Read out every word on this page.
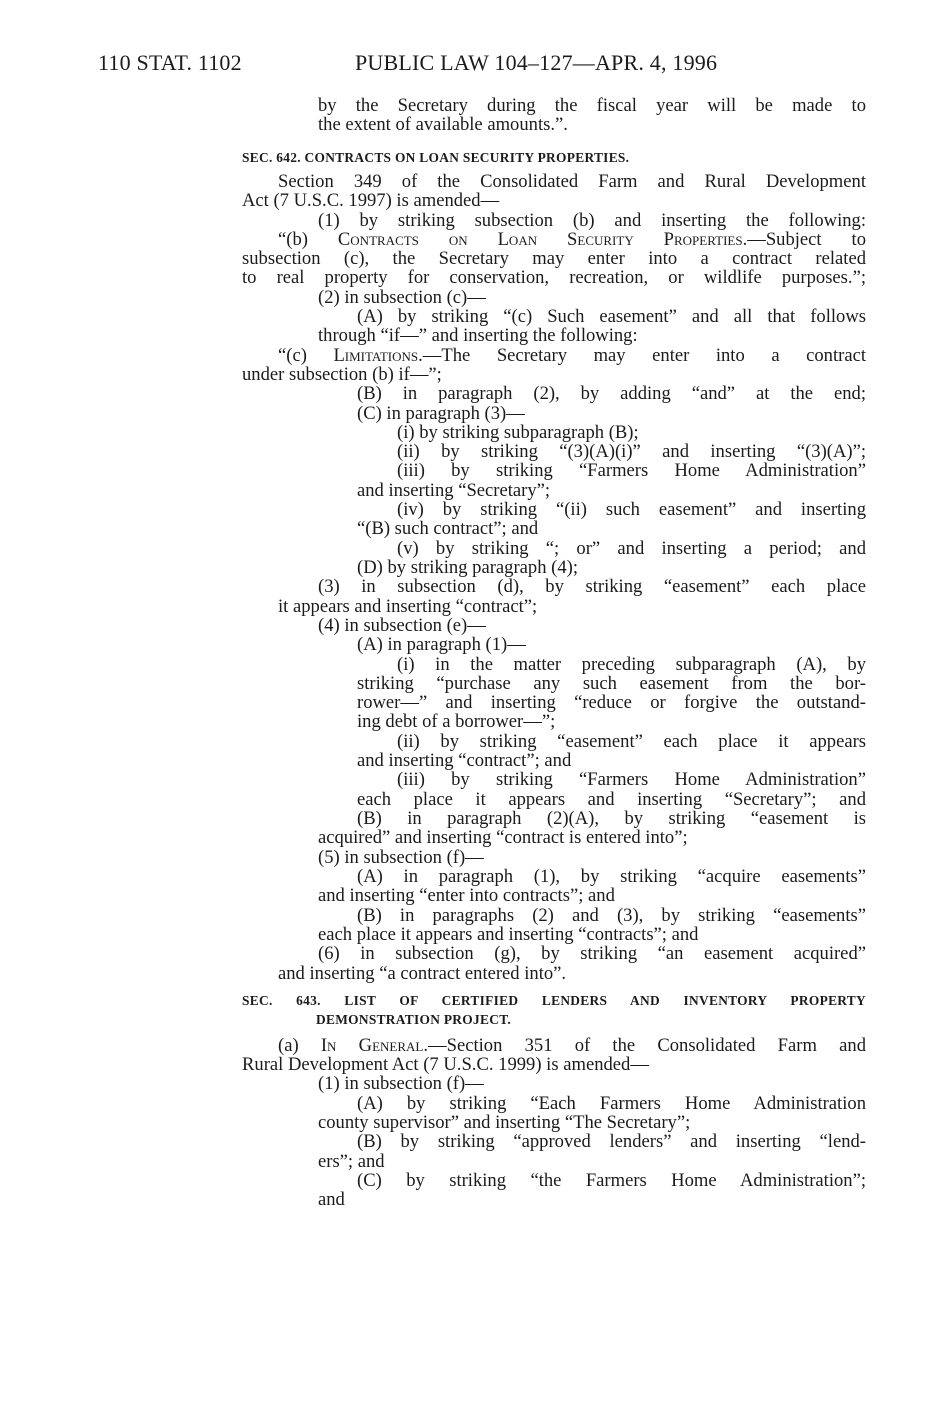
110 STAT. 1102	PUBLIC LAW 104–127—APR. 4, 1996
by the Secretary during the fiscal year will be made to
the extent of available amounts.”.
SEC. 642. CONTRACTS ON LOAN SECURITY PROPERTIES.
Section 349 of the Consolidated Farm and Rural Development
Act (7 U.S.C. 1997) is amended—
(1) by striking subsection (b) and inserting the following:
“(b) Contracts on Loan Security Properties.—Subject to
subsection (c), the Secretary may enter into a contract related
to real property for conservation, recreation, or wildlife purposes.”;
(2) in subsection (c)—
(A) by striking “(c) Such easement” and all that follows
through “if—” and inserting the following:
“(c) Limitations.—The Secretary may enter into a contract
under subsection (b) if—”;
(B) in paragraph (2), by adding “and” at the end;
(C) in paragraph (3)—
(i) by striking subparagraph (B);
(ii) by striking “(3)(A)(i)” and inserting “(3)(A)”;
(iii) by striking “Farmers Home Administration”
and inserting “Secretary”;
(iv) by striking “(ii) such easement” and inserting
“(B) such contract”; and
(v) by striking “; or” and inserting a period; and
(D) by striking paragraph (4);
(3) in subsection (d), by striking “easement” each place
it appears and inserting “contract”;
(4) in subsection (e)—
(A) in paragraph (1)—
(i) in the matter preceding subparagraph (A), by
striking “purchase any such easement from the bor-
rower—” and inserting “reduce or forgive the outstand-
ing debt of a borrower—”;
(ii) by striking “easement” each place it appears
and inserting “contract”; and
(iii) by striking “Farmers Home Administration”
each place it appears and inserting “Secretary”; and
(B) in paragraph (2)(A), by striking “easement is
acquired” and inserting “contract is entered into”;
(5) in subsection (f)—
(A) in paragraph (1), by striking “acquire easements”
and inserting “enter into contracts”; and
(B) in paragraphs (2) and (3), by striking “easements”
each place it appears and inserting “contracts”; and
(6) in subsection (g), by striking “an easement acquired”
and inserting “a contract entered into”.
SEC. 643. LIST OF CERTIFIED LENDERS AND INVENTORY PROPERTY
DEMONSTRATION PROJECT.
(a) In General.—Section 351 of the Consolidated Farm and
Rural Development Act (7 U.S.C. 1999) is amended—
(1) in subsection (f)—
(A) by striking “Each Farmers Home Administration
county supervisor” and inserting “The Secretary”;
(B) by striking “approved lenders” and inserting “lend-
ers”; and
(C) by striking “the Farmers Home Administration”;
and
